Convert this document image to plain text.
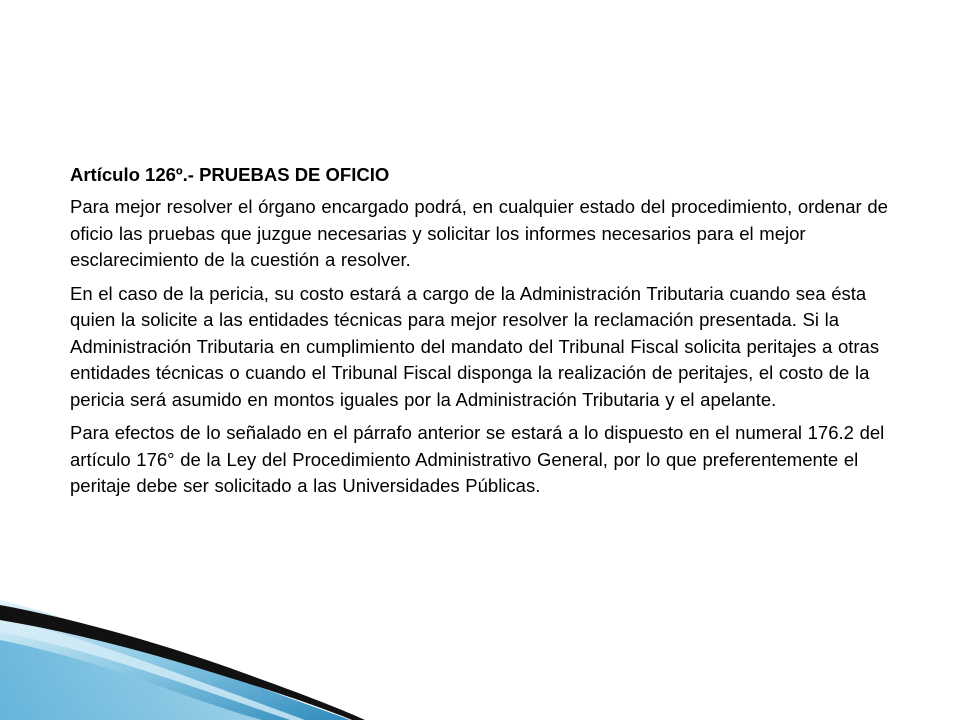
Artículo 126º.- PRUEBAS DE OFICIO

Para mejor resolver el órgano encargado podrá, en cualquier estado del procedimiento, ordenar de oficio las pruebas que juzgue necesarias y solicitar los informes necesarios para el mejor esclarecimiento de la cuestión a resolver.

En el caso de la pericia, su costo estará a cargo de la Administración Tributaria cuando sea ésta quien la solicite a las entidades técnicas para mejor resolver la reclamación presentada. Si la Administración Tributaria en cumplimiento del mandato del Tribunal Fiscal solicita peritajes a otras entidades técnicas o cuando el Tribunal Fiscal disponga la realización de peritajes, el costo de la pericia será asumido en montos iguales por la Administración Tributaria y el apelante.

Para efectos de lo señalado en el párrafo anterior se estará a lo dispuesto en el numeral 176.2 del artículo 176° de la Ley del Procedimiento Administrativo General, por lo que preferentemente el peritaje debe ser solicitado a las Universidades Públicas.
